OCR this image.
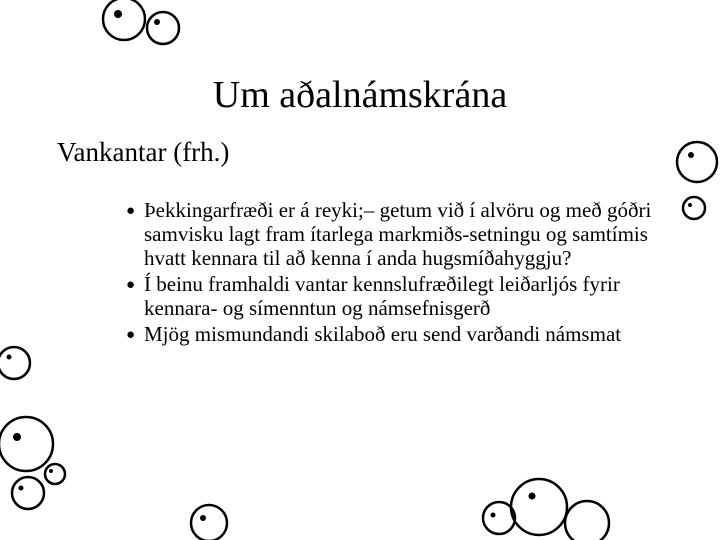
Um aðalnámskrána
Vankantar (frh.)
● Þekkingarfræði er á reyki;– getum við í alvöru og með góðri samvisku lagt fram ítarlega markmiðs-setningu og samtímis hvatt kennara til að kenna í anda hugsmíðahyggju?
● Í beinu framhaldi vantar kennslufræðilegt leiðarljós fyrir kennara- og símenntun og námsefnisgerð
● Mjög mismundandi skilaboð eru send varðandi námsmat
